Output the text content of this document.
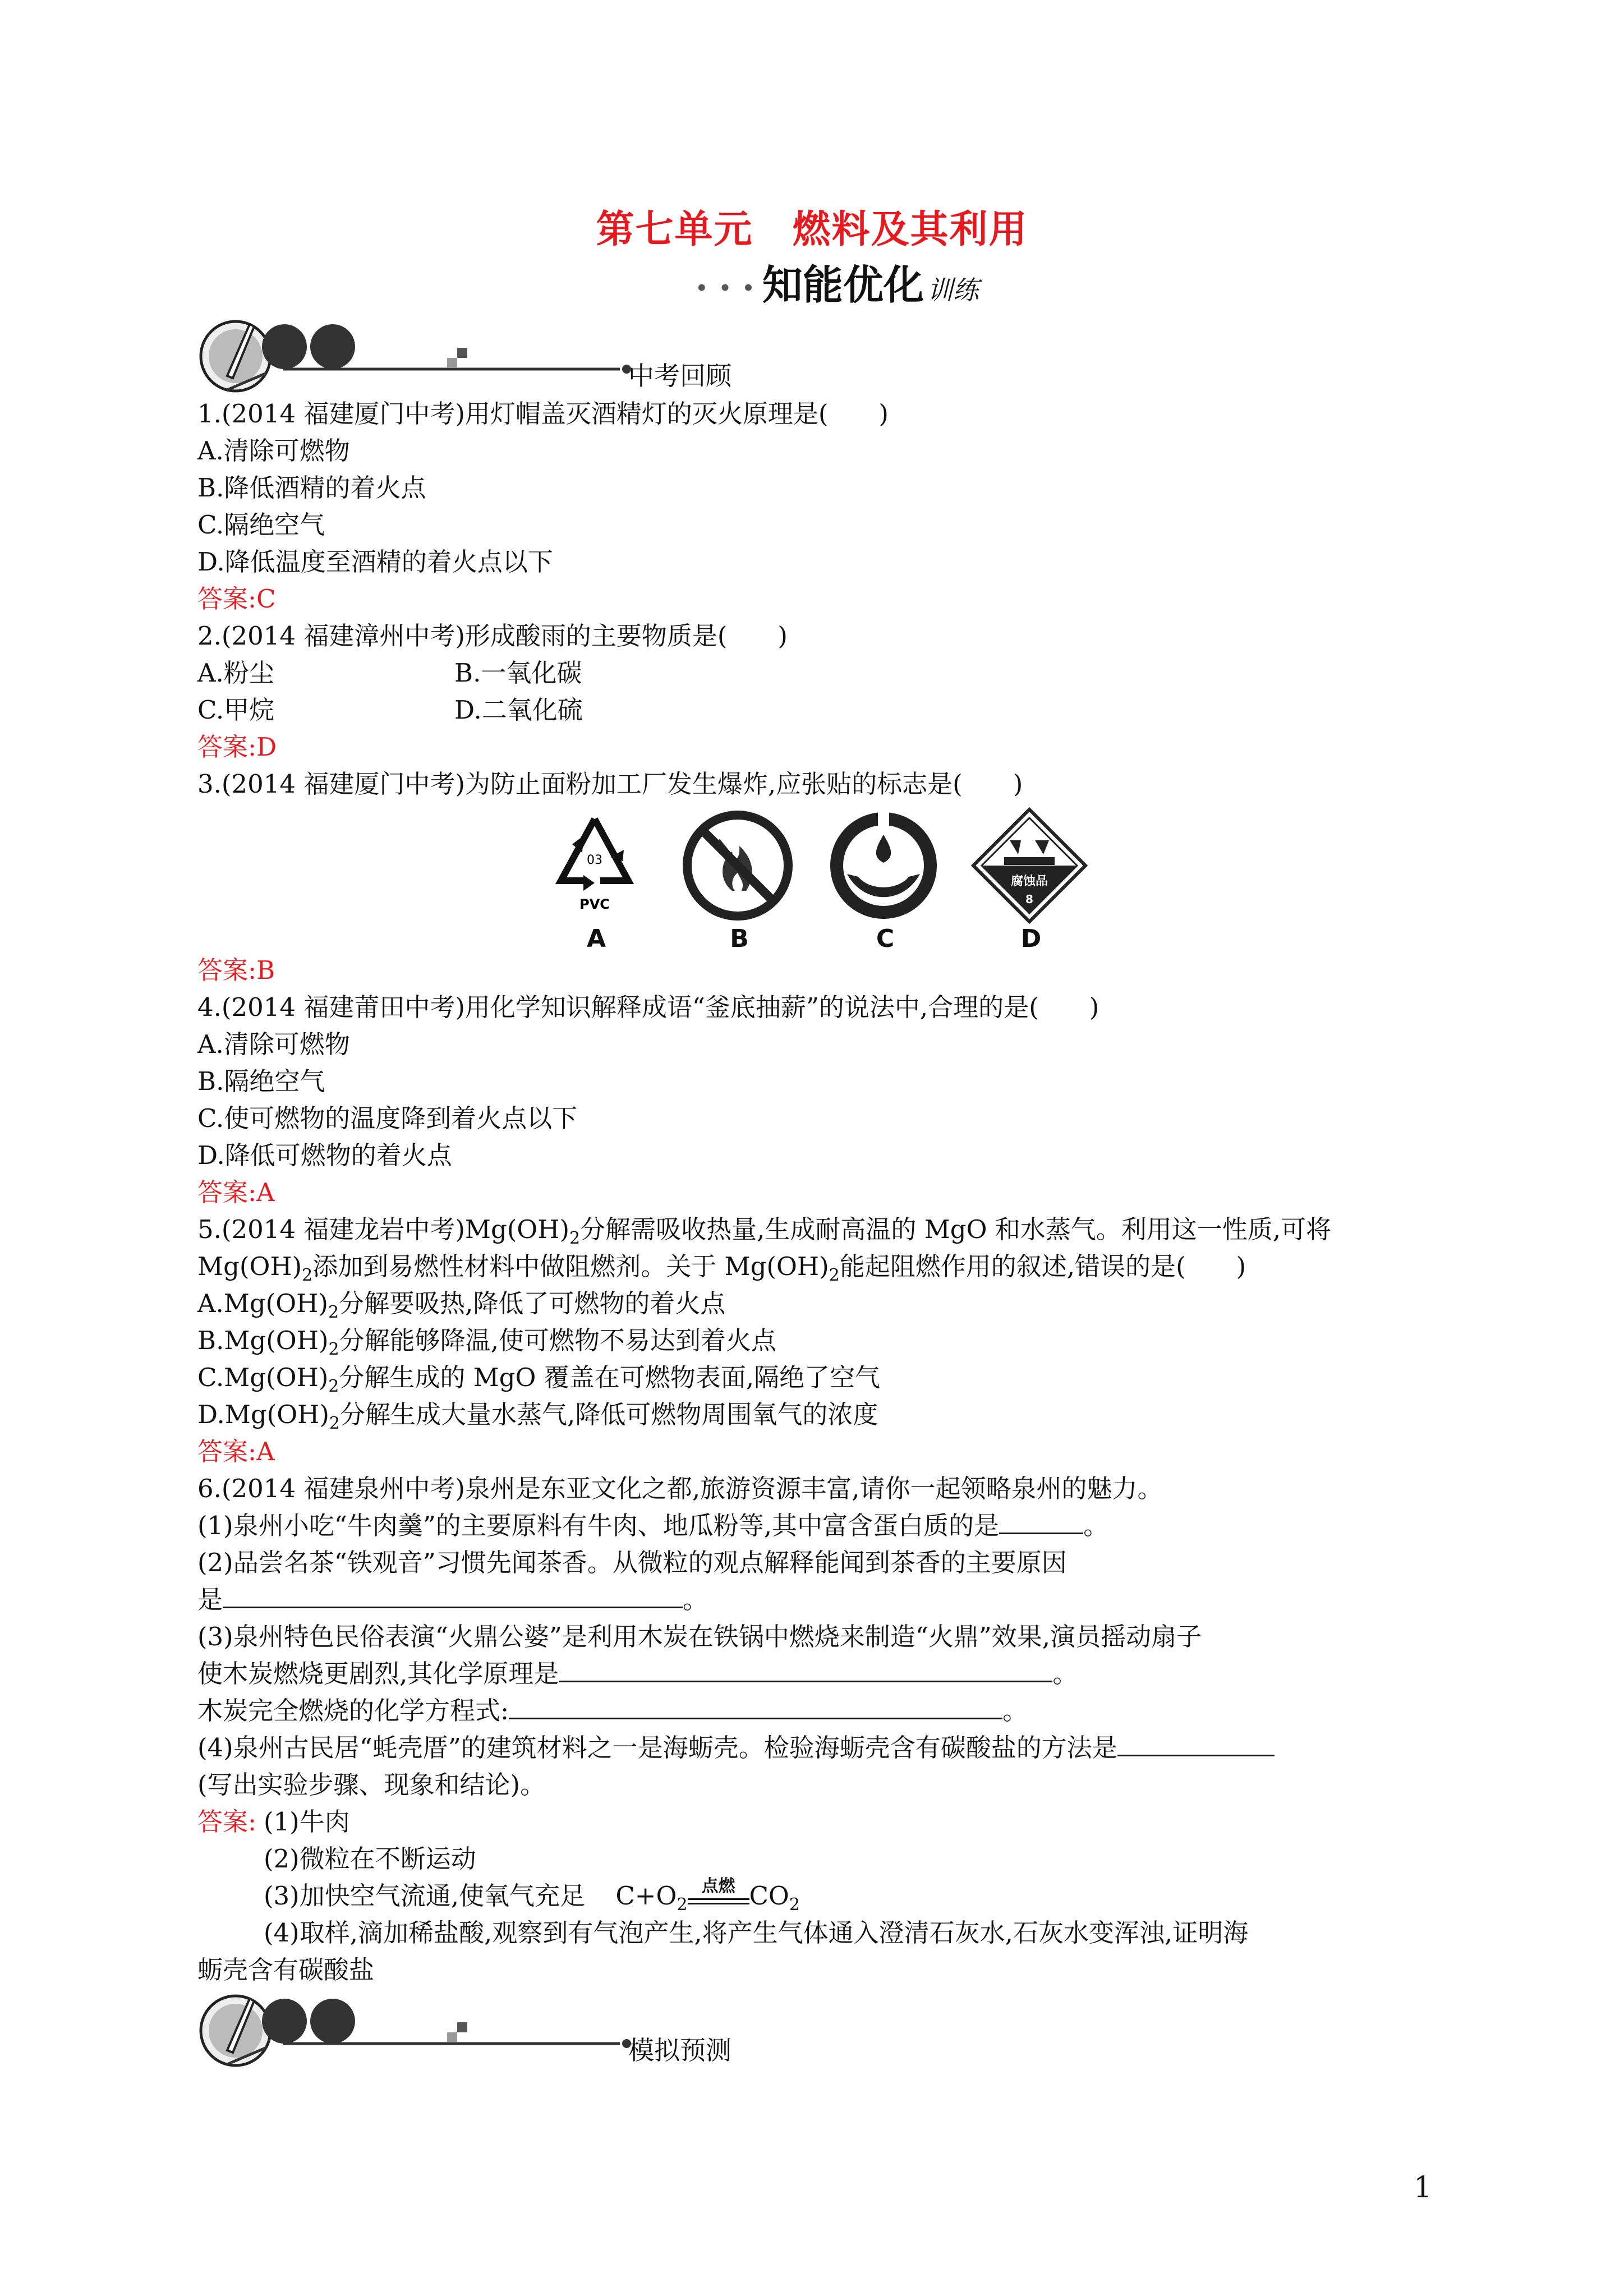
第七单元　燃料及其利用
• • • 知能优化 训练
中考回顾
1.(2014 福建厦门中考)用灯帽盖灭酒精灯的灭火原理是(　　)
A.清除可燃物
B.降低酒精的着火点
C.隔绝空气
D.降低温度至酒精的着火点以下
答案:C
2.(2014 福建漳州中考)形成酸雨的主要物质是(　　)
A.粉尘	B.一氧化碳
C.甲烷	D.二氧化硫
答案:D
3.(2014 福建厦门中考)为防止面粉加工厂发生爆炸,应张贴的标志是(　　)
03
PVC
腐蚀品
8
A	B	C	D
答案:B
4.(2014 福建莆田中考)用化学知识解释成语“釜底抽薪”的说法中,合理的是(　　)
A.清除可燃物
B.隔绝空气
C.使可燃物的温度降到着火点以下
D.降低可燃物的着火点
答案:A
5.(2014 福建龙岩中考)$Mg(OH)_2$分解需吸收热量,生成耐高温的 MgO 和水蒸气。利用这一性质,可将
$Mg(OH)_2$添加到易燃性材料中做阻燃剂。关于 $Mg(OH)_2$能起阻燃作用的叙述,错误的是(　　)
$A.Mg(OH)_2$分解要吸热,降低了可燃物的着火点
$B.Mg(OH)_2$分解能够降温,使可燃物不易达到着火点
$C.Mg(OH)_2$分解生成的 MgO 覆盖在可燃物表面,隔绝了空气
$D.Mg(OH)_2$分解生成大量水蒸气,降低可燃物周围氧气的浓度
答案:A
6.(2014 福建泉州中考)泉州是东亚文化之都,旅游资源丰富,请你一起领略泉州的魅力。
(1)泉州小吃“牛肉羹”的主要原料有牛肉、地瓜粉等,其中富含蛋白质的是	。
(2)品尝名茶“铁观音”习惯先闻茶香。从微粒的观点解释能闻到茶香的主要原因
是	。
(3)泉州特色民俗表演“火鼎公婆”是利用木炭在铁锅中燃烧来制造“火鼎”效果,演员摇动扇子
使木炭燃烧更剧烈,其化学原理是	。
木炭完全燃烧的化学方程式:	。
(4)泉州古民居“蚝壳厝”的建筑材料之一是海蛎壳。检验海蛎壳含有碳酸盐的方法是
(写出实验步骤、现象和结论)。
答案: (1)牛肉
(2)微粒在不断运动
(3)加快空气流通,使氧气充足 $C+O_2$
点燃 $CO_2$
(4)取样,滴加稀盐酸,观察到有气泡产生,将产生气体通入澄清石灰水,石灰水变浑浊,证明海
蛎壳含有碳酸盐
模拟预测
1
